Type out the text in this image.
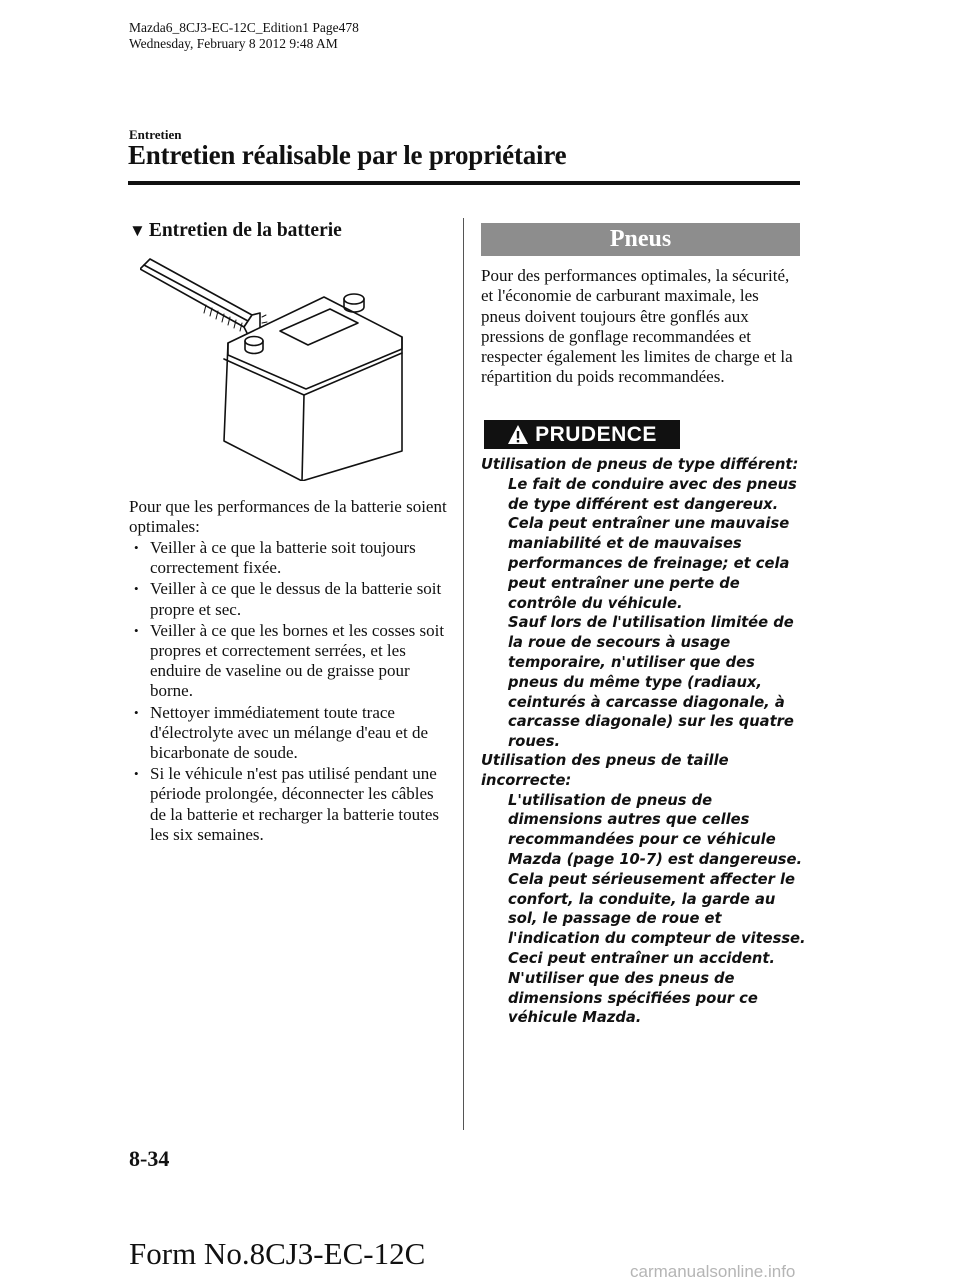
Mazda6_8CJ3-EC-12C_Edition1 Page478
Wednesday, February 8 2012 9:48 AM
Entretien
Entretien réalisable par le propriétaire
▼ Entretien de la batterie
Pour que les performances de la batterie soient optimales:
• Veiller à ce que la batterie soit toujours correctement fixée.
• Veiller à ce que le dessus de la batterie soit propre et sec.
• Veiller à ce que les bornes et les cosses soit propres et correctement serrées, et les enduire de vaseline ou de graisse pour borne.
• Nettoyer immédiatement toute trace d'électrolyte avec un mélange d'eau et de bicarbonate de soude.
• Si le véhicule n'est pas utilisé pendant une période prolongée, déconnecter les câbles de la batterie et recharger la batterie toutes les six semaines.
Pneus
Pour des performances optimales, la sécurité, et l'économie de carburant maximale, les pneus doivent toujours être gonflés aux pressions de gonflage recommandées et respecter également les limites de charge et la répartition du poids recommandées.
PRUDENCE
Utilisation de pneus de type différent:
Le fait de conduire avec des pneus de type différent est dangereux. Cela peut entraîner une mauvaise maniabilité et de mauvaises performances de freinage; et cela peut entraîner une perte de contrôle du véhicule.
Sauf lors de l'utilisation limitée de la roue de secours à usage temporaire, n'utiliser que des pneus du même type (radiaux, ceinturés à carcasse diagonale, à carcasse diagonale) sur les quatre roues.
Utilisation des pneus de taille incorrecte:
L'utilisation de pneus de dimensions autres que celles recommandées pour ce véhicule Mazda (page 10-7) est dangereuse. Cela peut sérieusement affecter le confort, la conduite, la garde au sol, le passage de roue et l'indication du compteur de vitesse. Ceci peut entraîner un accident.
N'utiliser que des pneus de dimensions spécifiées pour ce véhicule Mazda.
8-34
Form No.8CJ3-EC-12C
carmanualsonline.info
